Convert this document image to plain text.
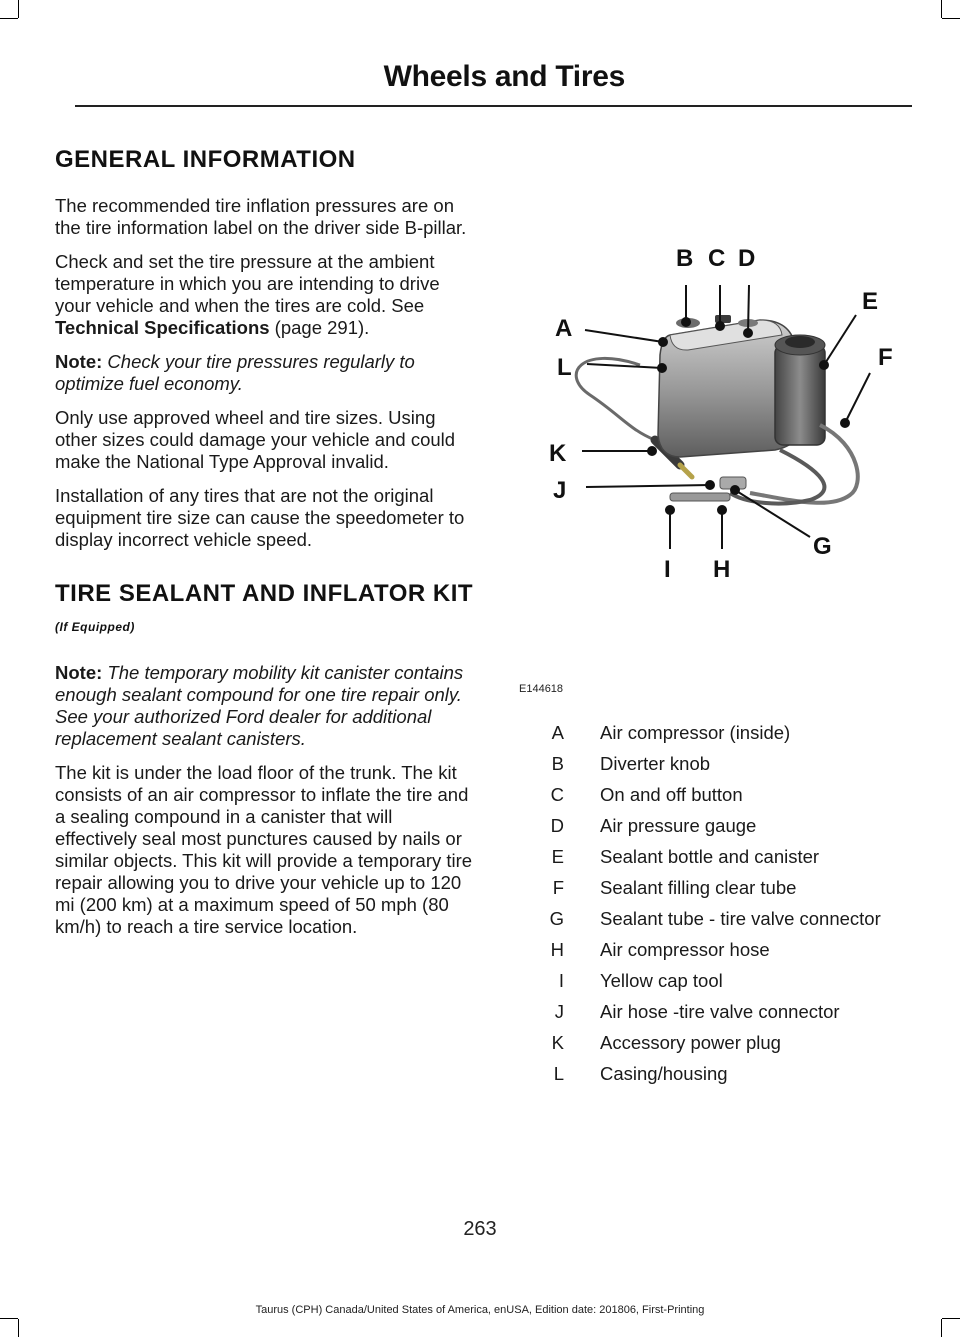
Wheels and Tires
GENERAL INFORMATION

The recommended tire inflation pressures are on the tire information label on the driver side B-pillar.

Check and set the tire pressure at the ambient temperature in which you are intending to drive your vehicle and when the tires are cold. See Technical Specifications (page 291).

Note: Check your tire pressures regularly to optimize fuel economy.

Only use approved wheel and tire sizes. Using other sizes could damage your vehicle and could make the National Type Approval invalid.

Installation of any tires that are not the original equipment tire size can cause the speedometer to display incorrect vehicle speed.

TIRE SEALANT AND INFLATOR KIT (If Equipped)

Note: The temporary mobility kit canister contains enough sealant compound for one tire repair only. See your authorized Ford dealer for additional replacement sealant canisters.

The kit is under the load floor of the trunk. The kit consists of an air compressor to inflate the tire and a sealing compound in a canister that will effectively seal most punctures caused by nails or similar objects. This kit will provide a temporary tire repair allowing you to drive your vehicle up to 120 mi (200 km) at a maximum speed of 50 mph (80 km/h) to reach a tire service location.

B C D
E
F
G
H
I
J
K
A
L
E144618
A	Air compressor (inside)
B	Diverter knob
C	On and off button
D	Air pressure gauge
E	Sealant bottle and canister
F	Sealant filling clear tube
G	Sealant tube - tire valve connector
H	Air compressor hose
I	Yellow cap tool
J	Air hose -tire valve connector
K	Accessory power plug
L	Casing/housing
263
Taurus (CPH) Canada/United States of America, enUSA, Edition date: 201806, First-Printing
